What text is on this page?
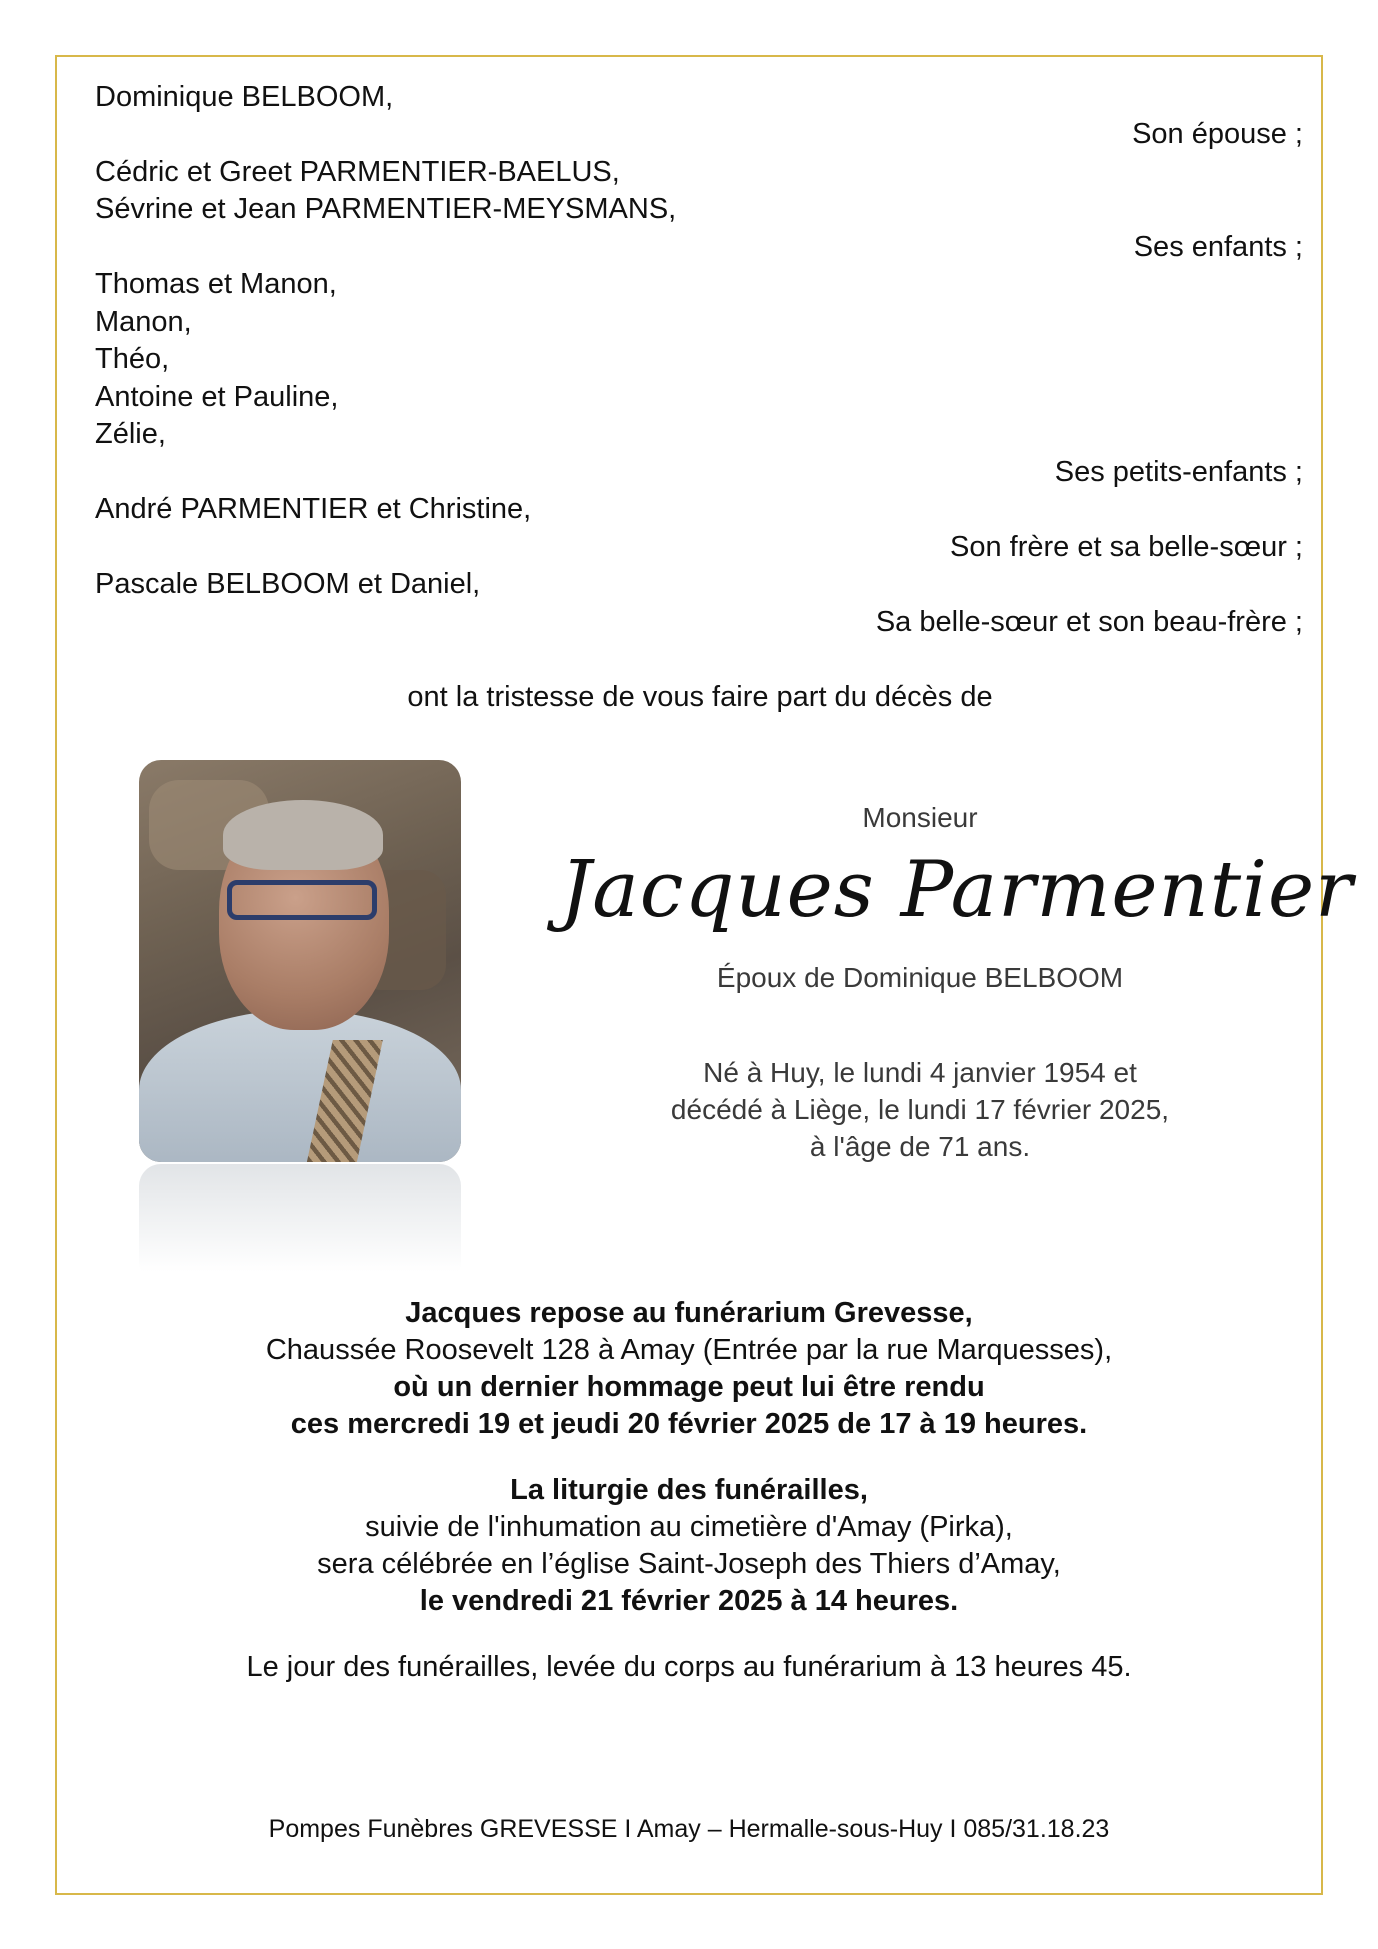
Dominique BELBOOM,
Son épouse ;
Cédric et Greet PARMENTIER-BAELUS,
Sévrine et Jean PARMENTIER-MEYSMANS,
Ses enfants ;
Thomas et Manon,
Manon,
Théo,
Antoine et Pauline,
Zélie,
Ses petits-enfants ;
André PARMENTIER et Christine,
Son frère et sa belle-sœur ;
Pascale BELBOOM et Daniel,
Sa belle-sœur et son beau-frère ;
ont la tristesse de vous faire part du décès de
Monsieur
Jacques Parmentier
Époux de Dominique BELBOOM
Né à Huy, le lundi 4 janvier 1954 et
décédé à Liège, le lundi 17 février 2025,
à l'âge de 71 ans.
Jacques repose au funérarium Grevesse,
Chaussée Roosevelt 128 à Amay (Entrée par la rue Marquesses),
où un dernier hommage peut lui être rendu
ces mercredi 19 et jeudi 20 février 2025 de 17 à 19 heures.
La liturgie des funérailles,
suivie de l'inhumation au cimetière d'Amay (Pirka),
sera célébrée en l’église Saint-Joseph des Thiers d’Amay,
le vendredi 21 février 2025 à 14 heures.
Le jour des funérailles, levée du corps au funérarium à 13 heures 45.
Pompes Funèbres GREVESSE I Amay – Hermalle-sous-Huy I 085/31.18.23
